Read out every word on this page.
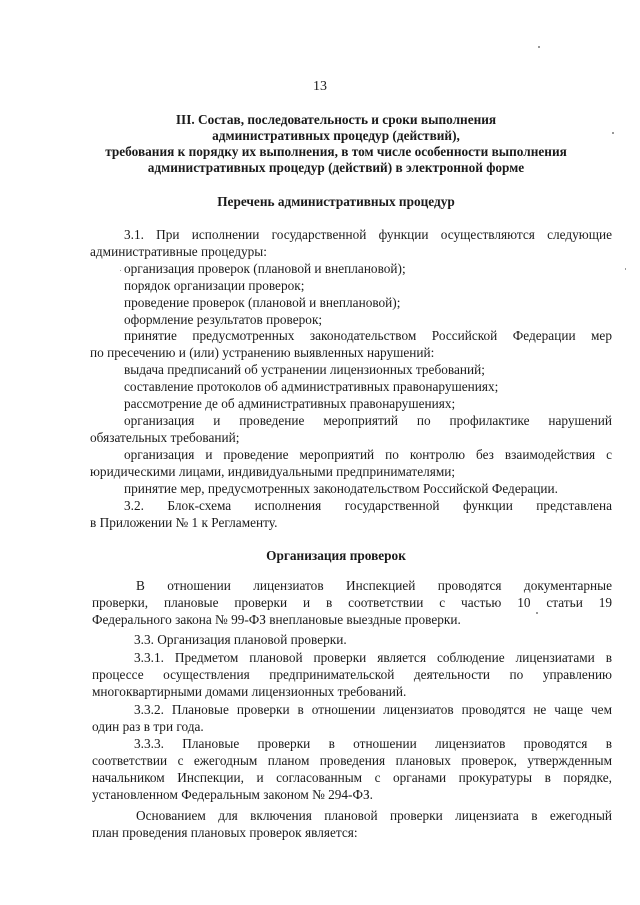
13
III. Состав, последовательность и сроки выполнения
административных процедур (действий),
требования к порядку их выполнения, в том числе особенности выполнения
административных процедур (действий) в электронной форме
Перечень административных процедур
3.1. При исполнении государственной функции осуществляются следующие
административные процедуры:
организация проверок (плановой и внеплановой);
порядок организации проверок;
проведение проверок (плановой и внеплановой);
оформление результатов проверок;
принятие предусмотренных законодательством Российской Федерации мер
по пресечению и (или) устранению выявленных нарушений:
выдача предписаний об устранении лицензионных требований;
составление протоколов об административных правонарушениях;
рассмотрение де об административных правонарушениях;
организация и проведение мероприятий по профилактике нарушений
обязательных требований;
организация и проведение мероприятий по контролю без взаимодействия с
юридическими лицами, индивидуальными предпринимателями;
принятие мер, предусмотренных законодательством Российской Федерации.
3.2. Блок-схема исполнения государственной функции представлена
в Приложении № 1 к Регламенту.
Организация проверок
В отношении лицензиатов Инспекцией проводятся документарные
проверки, плановые проверки и в соответствии с частью 10 статьи 19
Федерального закона № 99-ФЗ внеплановые выездные проверки.
3.3. Организация плановой проверки.
3.3.1. Предметом плановой проверки является соблюдение лицензиатами в
процессе осуществления предпринимательской деятельности по управлению
многоквартирными домами лицензионных требований.
3.3.2. Плановые проверки в отношении лицензиатов проводятся не чаще чем
один раз в три года.
3.3.3. Плановые проверки в отношении лицензиатов проводятся в
соответствии с ежегодным планом проведения плановых проверок, утвержденным
начальником Инспекции, и согласованным с органами прокуратуры в порядке,
установленном Федеральным законом № 294-ФЗ.
Основанием для включения плановой проверки лицензиата в ежегодный
план проведения плановых проверок является:
